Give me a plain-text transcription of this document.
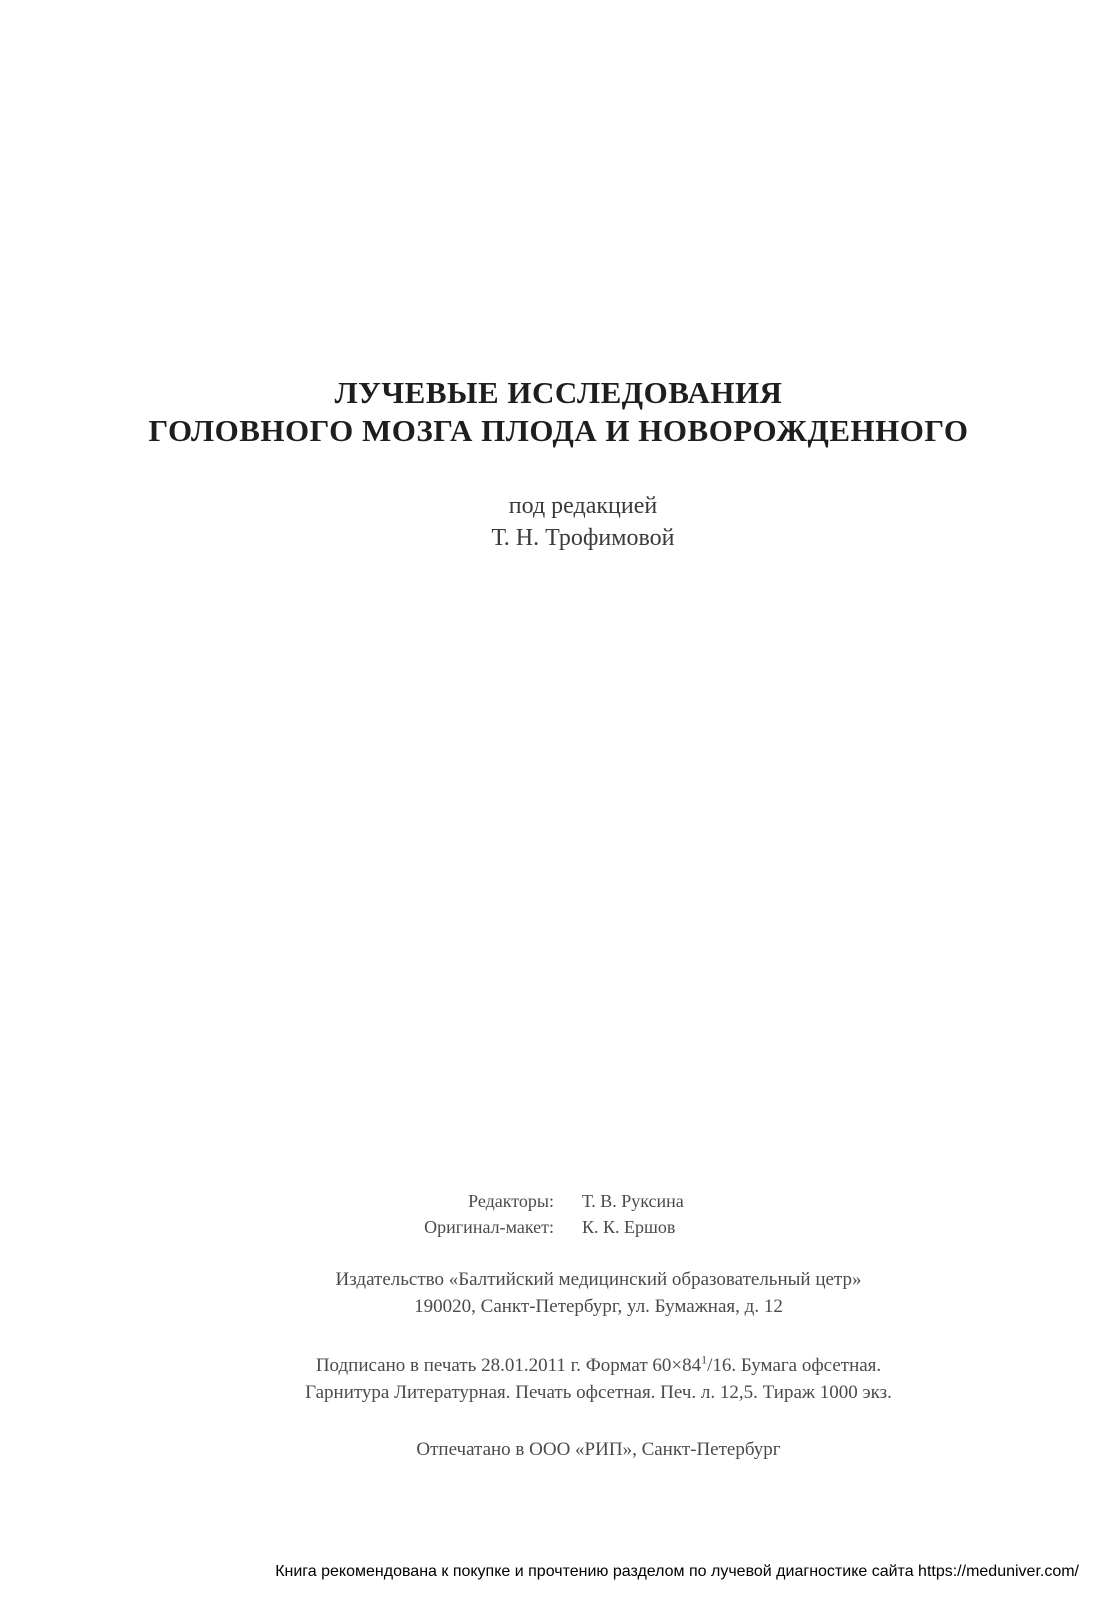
ЛУЧЕВЫЕ ИССЛЕДОВАНИЯ
ГОЛОВНОГО МОЗГА ПЛОДА И НОВОРОЖДЕННОГО
под редакцией
Т. Н. Трофимовой
Редакторы:	Т. В. Руксина
Оригинал-макет:	К. К. Ершов
Издательство «Балтийский медицинский образовательный цетр»
190020, Санкт-Петербург, ул. Бумажная, д. 12
Подписано в печать 28.01.2011 г. Формат $60\times 84^1/16$. Бумага офсетная.
Гарнитура Литературная. Печать офсетная. Печ. л. 12,5. Тираж 1000 экз.
Отпечатано в ООО «РИП», Санкт-Петербург
Книга рекомендована к покупке и прочтению разделом по лучевой диагностике сайта https://meduniver.com/
